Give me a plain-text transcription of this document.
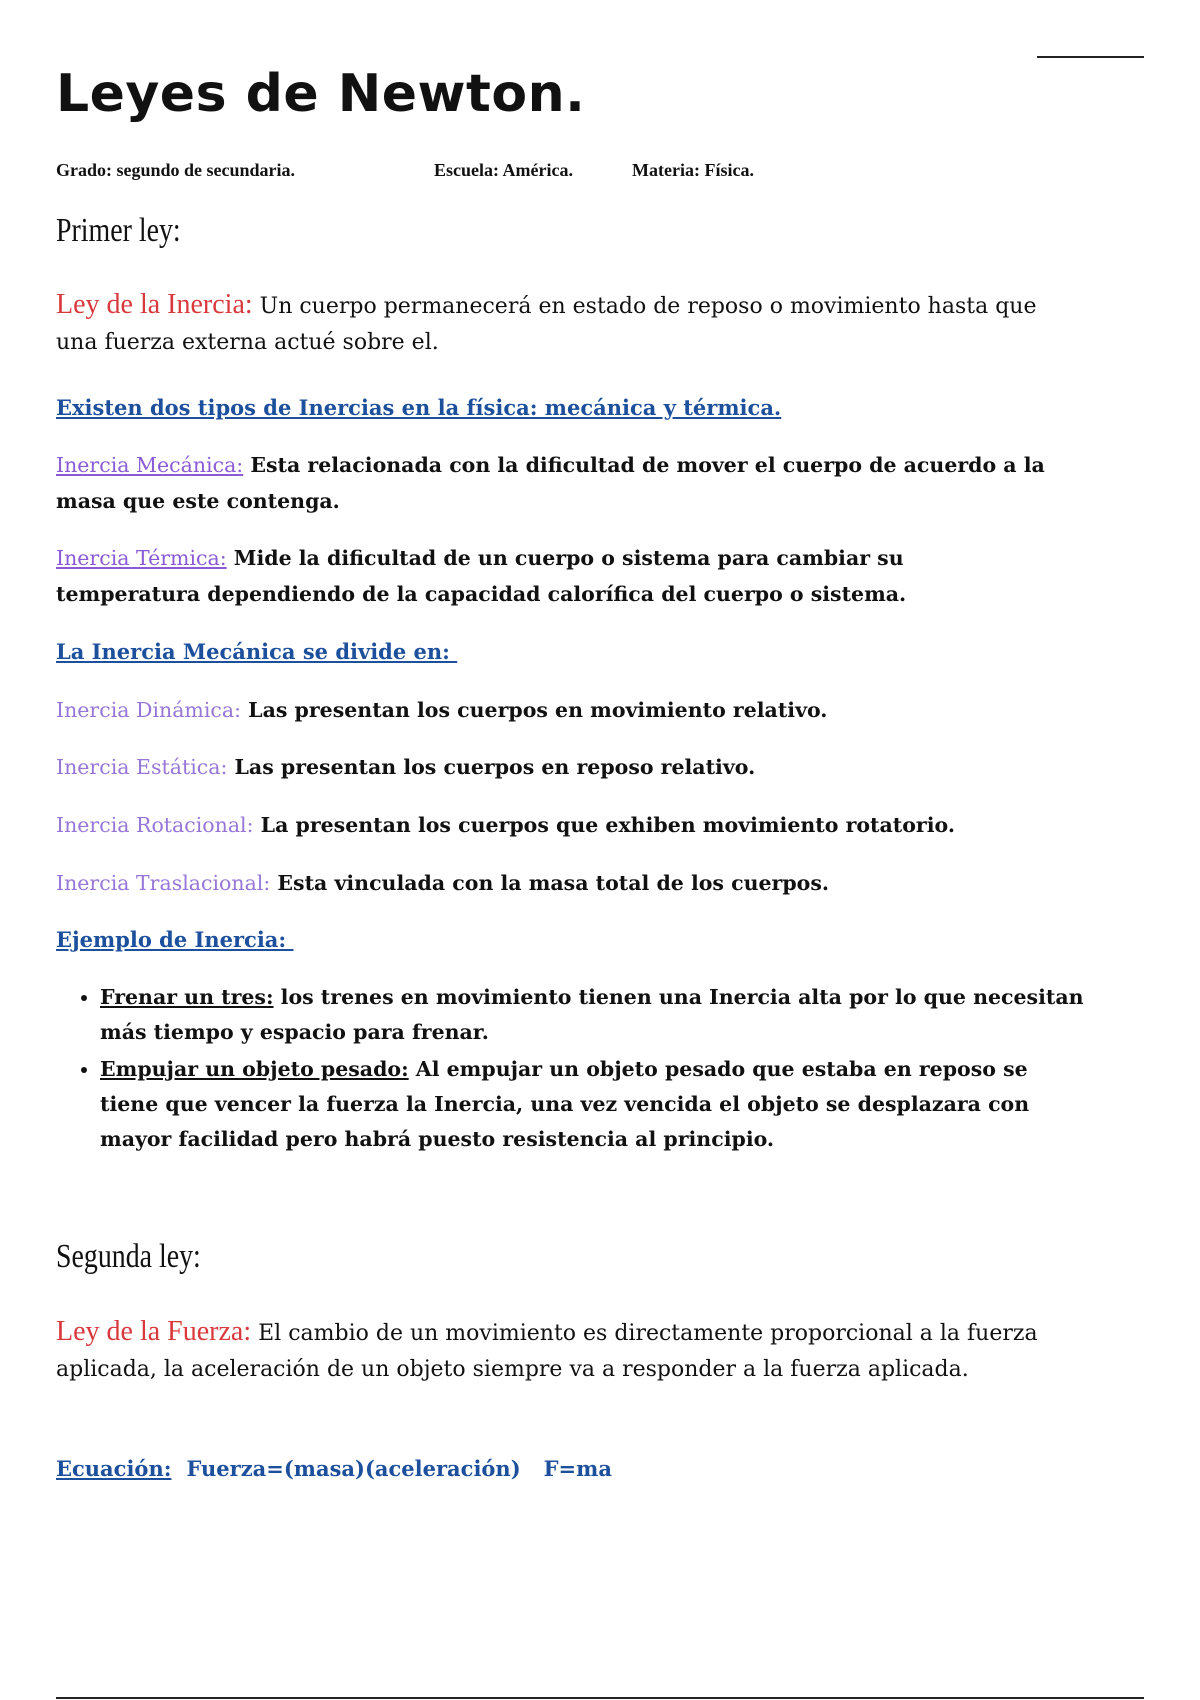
Leyes de Newton.
Grado: segundo de secundaria.	Escuela: América.	Materia: Física.
Primer ley:
Ley de la Inercia: Un cuerpo permanecerá en estado de reposo o movimiento hasta que una fuerza externa actué sobre el.
Existen dos tipos de Inercias en la física: mecánica y térmica.
Inercia Mecánica: Esta relacionada con la dificultad de mover el cuerpo de acuerdo a la masa que este contenga.
Inercia Térmica: Mide la dificultad de un cuerpo o sistema para cambiar su temperatura dependiendo de la capacidad calorífica del cuerpo o sistema.
La Inercia Mecánica se divide en:
Inercia Dinámica: Las presentan los cuerpos en movimiento relativo.
Inercia Estática: Las presentan los cuerpos en reposo relativo.
Inercia Rotacional: La presentan los cuerpos que exhiben movimiento rotatorio.
Inercia Traslacional: Esta vinculada con la masa total de los cuerpos.
Ejemplo de Inercia:
• Frenar un tres: los trenes en movimiento tienen una Inercia alta por lo que necesitan más tiempo y espacio para frenar.
• Empujar un objeto pesado: Al empujar un objeto pesado que estaba en reposo se tiene que vencer la fuerza la Inercia, una vez vencida el objeto se desplazara con mayor facilidad pero habrá puesto resistencia al principio.
Segunda ley:
Ley de la Fuerza: El cambio de un movimiento es directamente proporcional a la fuerza aplicada, la aceleración de un objeto siempre va a responder a la fuerza aplicada.
Ecuación: Fuerza=(masa)(aceleración) F=ma
